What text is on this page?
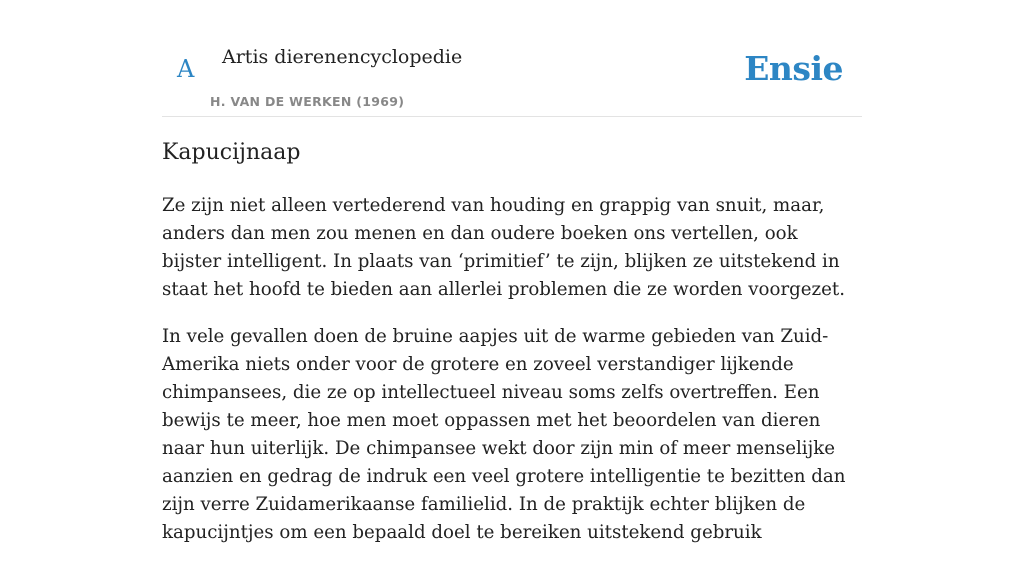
A Artis dierenencyclopedie
H. VAN DE WERKEN (1969)
Ensie
Kapucijnaap

Ze zijn niet alleen vertederend van houding en grappig van snuit, maar, anders dan men zou menen en dan oudere boeken ons vertellen, ook bijster intelligent. In plaats van ‘primitief’ te zijn, blijken ze uitstekend in staat het hoofd te bieden aan allerlei problemen die ze worden voorgezet.

In vele gevallen doen de bruine aapjes uit de warme gebieden van Zuid-Amerika niets onder voor de grotere en zoveel verstandiger lijkende chimpansees, die ze op intellectueel niveau soms zelfs overtreffen. Een bewijs te meer, hoe men moet oppassen met het beoordelen van dieren naar hun uiterlijk. De chimpansee wekt door zijn min of meer menselijke aanzien en gedrag de indruk een veel grotere intelligentie te bezitten dan zijn verre Zuidamerikaanse familielid. In de praktijk echter blijken de kapucijntjes om een bepaald doel te bereiken uitstekend gebruik
